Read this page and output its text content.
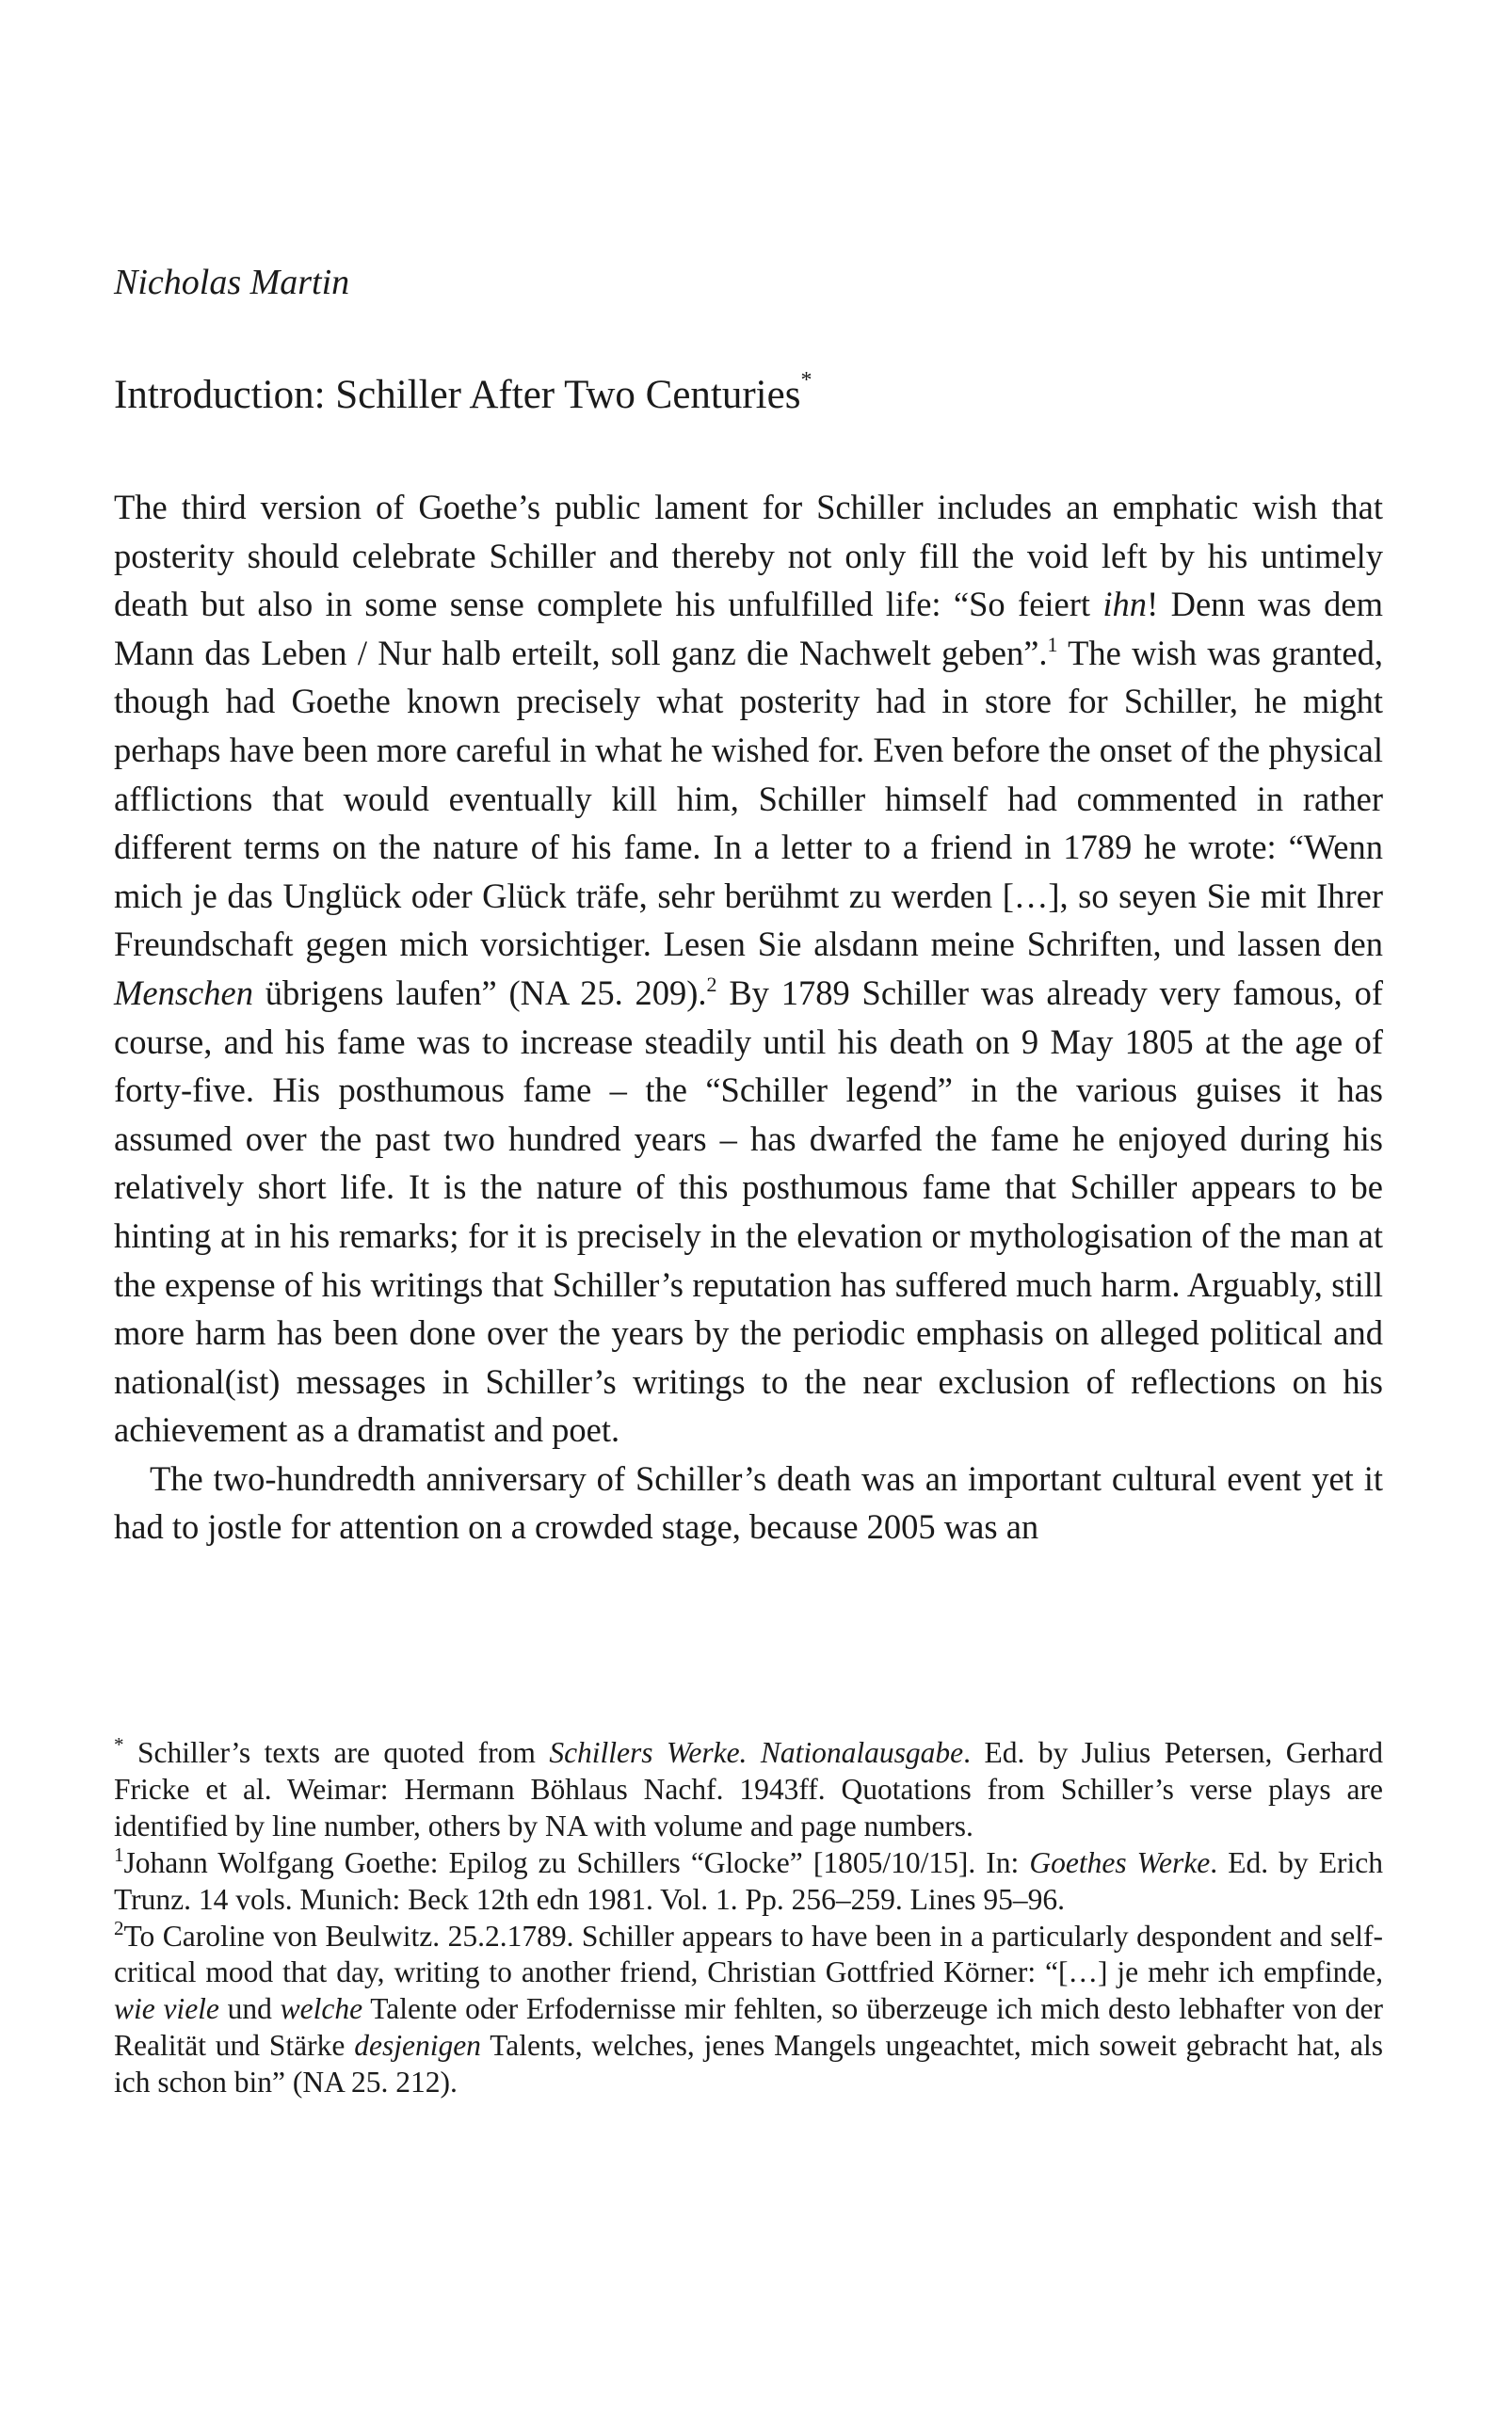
Nicholas Martin

Introduction: Schiller After Two Centuries*

The third version of Goethe’s public lament for Schiller includes an emphatic wish that posterity should celebrate Schiller and thereby not only fill the void left by his untimely death but also in some sense complete his unfulfilled life: “So feiert ihn! Denn was dem Mann das Leben / Nur halb erteilt, soll ganz die Nachwelt geben”.$^1$ The wish was granted, though had Goethe known precisely what posterity had in store for Schiller, he might perhaps have been more careful in what he wished for. Even before the onset of the physical afflictions that would eventually kill him, Schiller himself had commented in rather different terms on the nature of his fame. In a letter to a friend in 1789 he wrote: “Wenn mich je das Unglück oder Glück träfe, sehr berühmt zu werden […], so seyen Sie mit Ihrer Freundschaft gegen mich vorsichtiger. Lesen Sie alsdann meine Schriften, und lassen den Menschen übrigens laufen” (NA 25. 209).$^2$ By 1789 Schiller was already very famous, of course, and his fame was to increase steadily until his death on 9 May 1805 at the age of forty-five. His posthumous fame – the “Schiller legend” in the various guises it has assumed over the past two hundred years – has dwarfed the fame he enjoyed during his relatively short life. It is the nature of this posthumous fame that Schiller appears to be hinting at in his remarks; for it is precisely in the elevation or mythologisation of the man at the expense of his writings that Schiller’s reputation has suffered much harm. Arguably, still more harm has been done over the years by the periodic emphasis on alleged political and national(ist) messages in Schiller’s writings to the near exclusion of reflections on his achievement as a dramatist and poet.

The two-hundredth anniversary of Schiller’s death was an important cultural event yet it had to jostle for attention on a crowded stage, because 2005 was an

* Schiller’s texts are quoted from Schillers Werke. Nationalausgabe. Ed. by Julius Petersen, Gerhard Fricke et al. Weimar: Hermann Böhlaus Nachf. 1943ff. Quotations from Schiller’s verse plays are identified by line number, others by NA with volume and page numbers.

$^1$Johann Wolfgang Goethe: Epilog zu Schillers “Glocke” [1805/10/15]. In: Goethes Werke. Ed. by Erich Trunz. 14 vols. Munich: Beck 12th edn 1981. Vol. 1. Pp. 256–259. Lines 95–96.

$^2$To Caroline von Beulwitz. 25.2.1789. Schiller appears to have been in a particularly despondent and self-critical mood that day, writing to another friend, Christian Gottfried Körner: “[…] je mehr ich empfinde, wie viele und welche Talente oder Erfodernisse mir fehlten, so überzeuge ich mich desto lebhafter von der Realität und Stärke desjenigen Talents, welches, jenes Mangels ungeachtet, mich soweit gebracht hat, als ich schon bin” (NA 25. 212).
